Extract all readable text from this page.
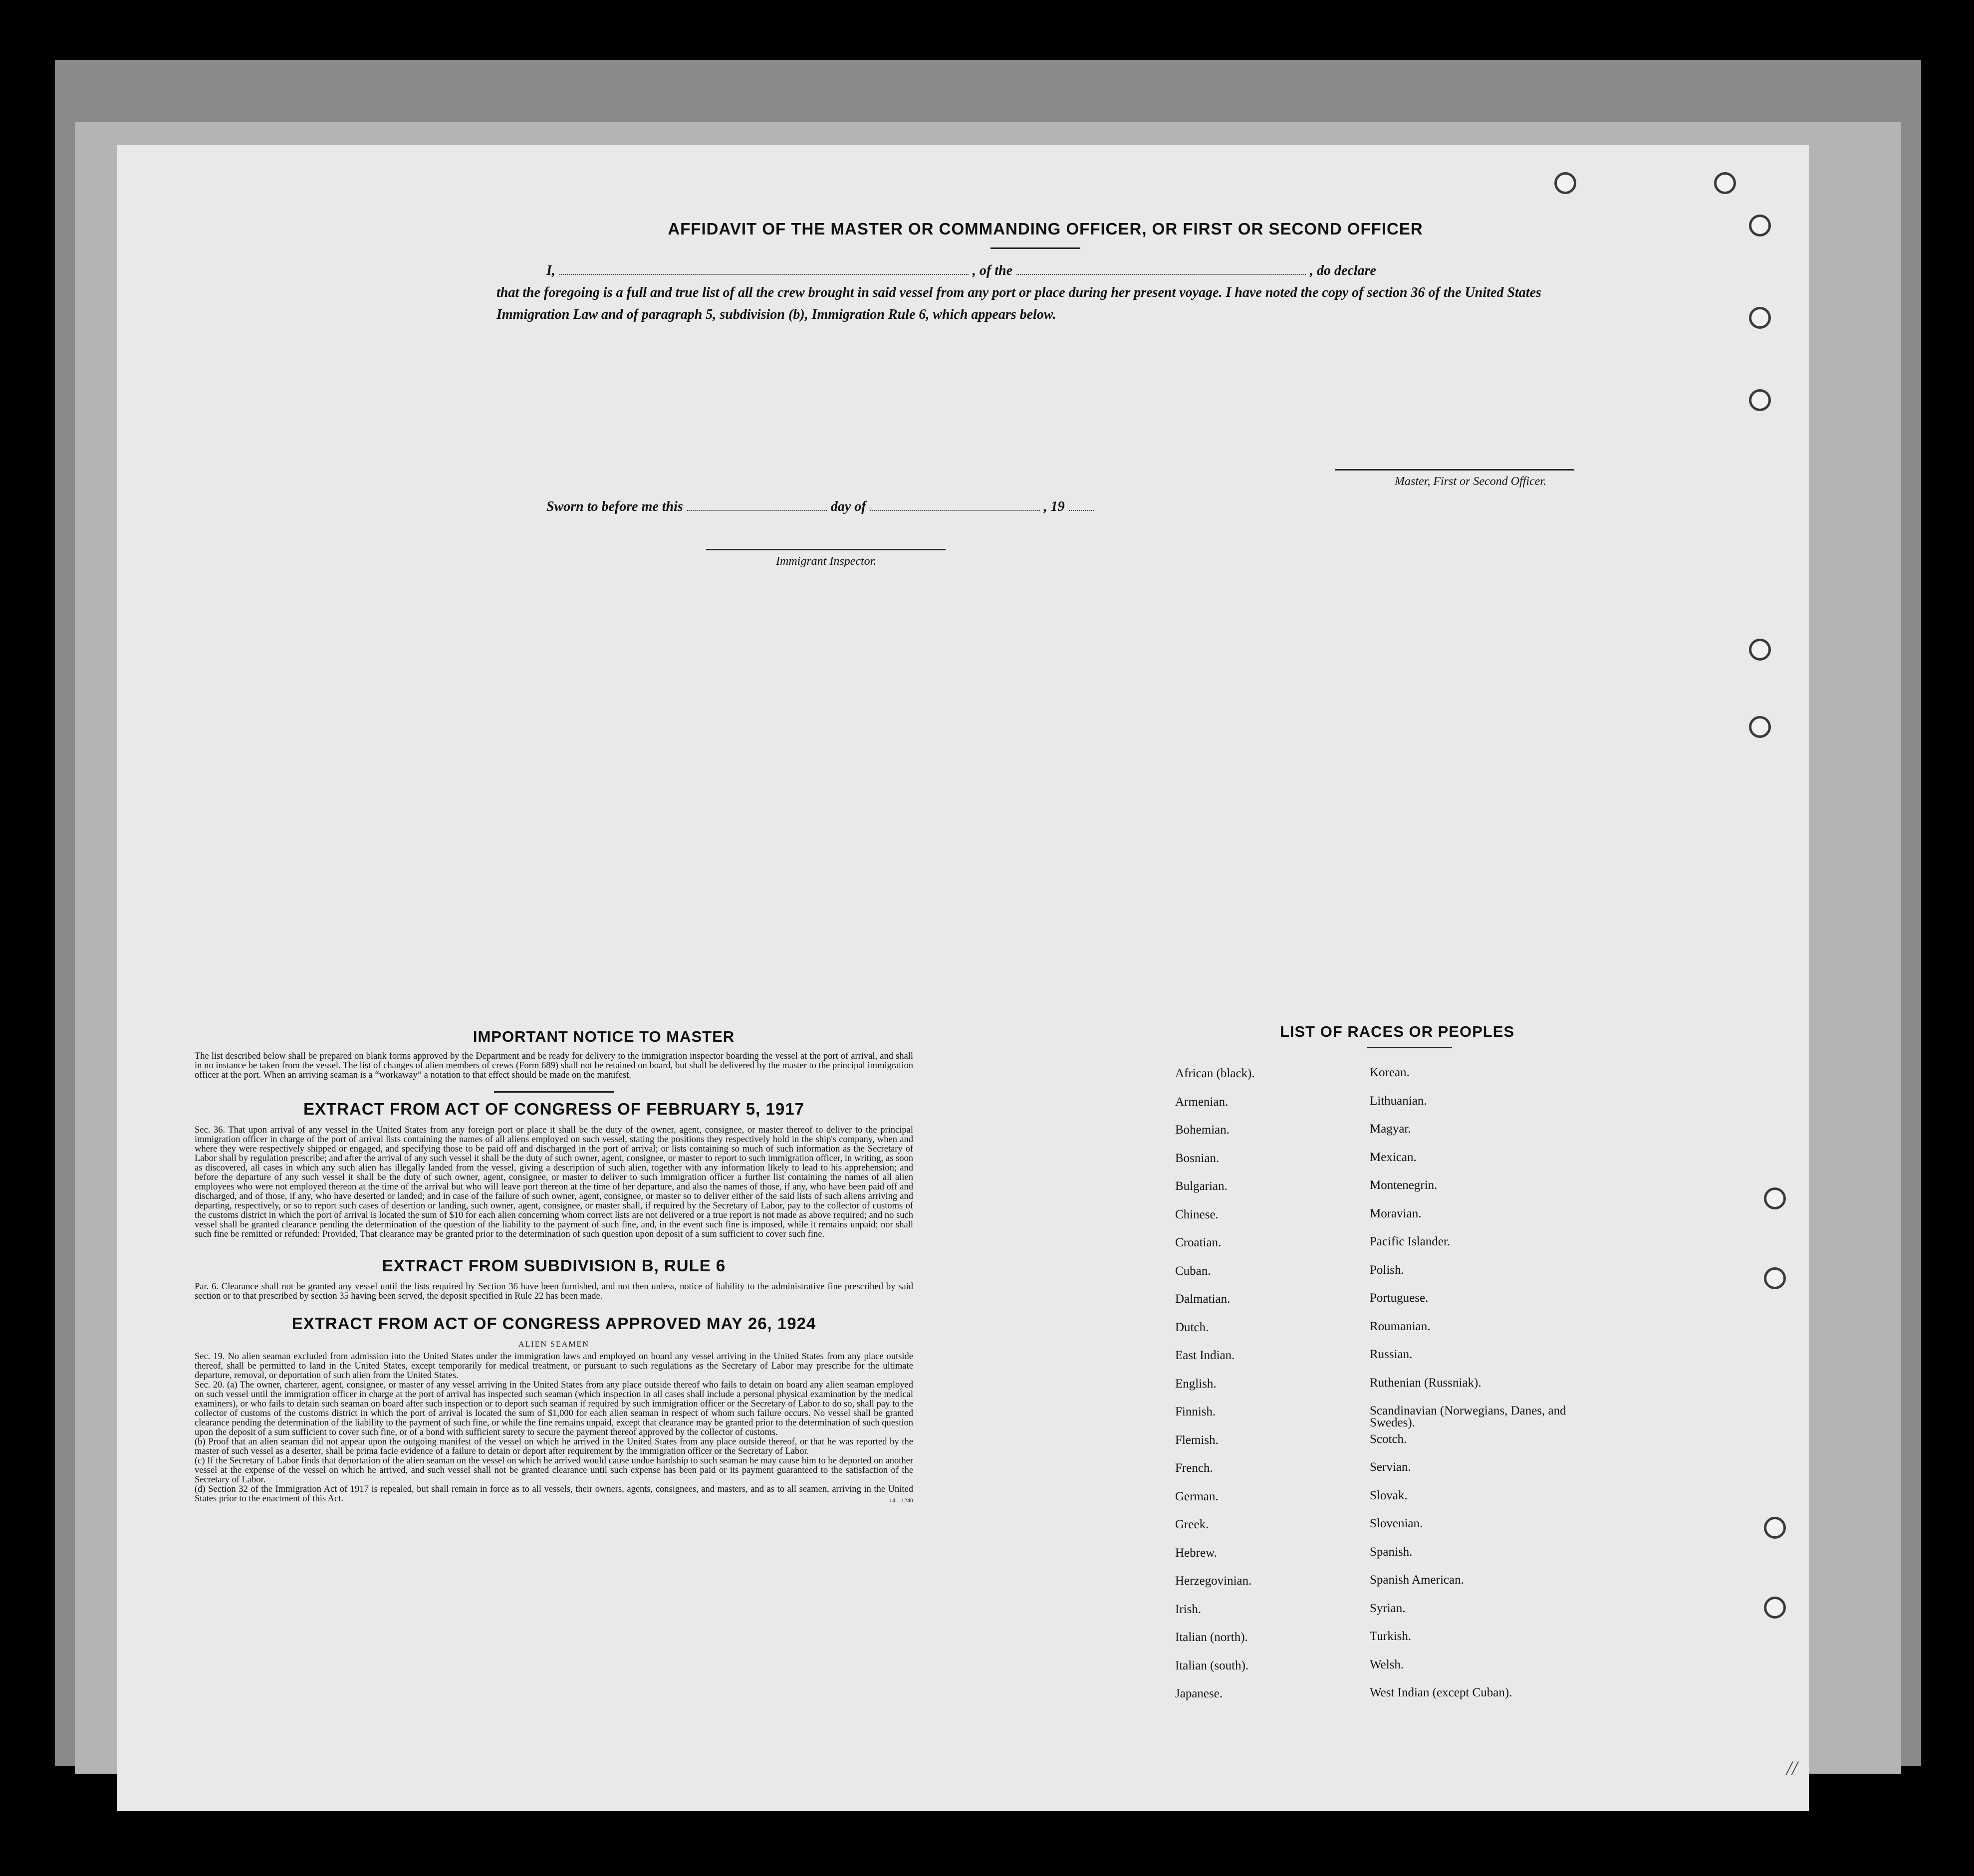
AFFIDAVIT OF THE MASTER OR COMMANDING OFFICER, OR FIRST OR SECOND OFFICER
I,	, of the	, do declare
that the foregoing is a full and true list of all the crew brought in said vessel from any port or place during her present voyage. I have noted the copy of section 36 of the United States Immigration Law and of paragraph 5, subdivision (b), Immigration Rule 6, which appears below.
Master, First or Second Officer.
Sworn to before me this	day of	, 19
Immigrant Inspector.
IMPORTANT NOTICE TO MASTER
The list described below shall be prepared on blank forms approved by the Department and be ready for delivery to the immigration inspector boarding the vessel at the port of arrival, and shall in no instance be taken from the vessel. The list of changes of alien members of crews (Form 689) shall not be retained on board, but shall be delivered by the master to the principal immigration officer at the port. When an arriving seaman is a “workaway” a notation to that effect should be made on the manifest.
EXTRACT FROM ACT OF CONGRESS OF FEBRUARY 5, 1917
Sec. 36. That upon arrival of any vessel in the United States from any foreign port or place it shall be the duty of the owner, agent, consignee, or master thereof to deliver to the principal immigration officer in charge of the port of arrival lists containing the names of all aliens employed on such vessel, stating the positions they respectively hold in the ship's company, when and where they were respectively shipped or engaged, and specifying those to be paid off and discharged in the port of arrival; or lists containing so much of such information as the Secretary of Labor shall by regulation prescribe; and after the arrival of any such vessel it shall be the duty of such owner, agent, consignee, or master to report to such immigration officer, in writing, as soon as discovered, all cases in which any such alien has illegally landed from the vessel, giving a description of such alien, together with any information likely to lead to his apprehension; and before the departure of any such vessel it shall be the duty of such owner, agent, consignee, or master to deliver to such immigration officer a further list containing the names of all alien employees who were not employed thereon at the time of the arrival but who will leave port thereon at the time of her departure, and also the names of those, if any, who have been paid off and discharged, and of those, if any, who have deserted or landed; and in case of the failure of such owner, agent, consignee, or master so to deliver either of the said lists of such aliens arriving and departing, respectively, or so to report such cases of desertion or landing, such owner, agent, consignee, or master shall, if required by the Secretary of Labor, pay to the collector of customs of the customs district in which the port of arrival is located the sum of $10 for each alien concerning whom correct lists are not delivered or a true report is not made as above required; and no such vessel shall be granted clearance pending the determination of the question of the liability to the payment of such fine, and, in the event such fine is imposed, while it remains unpaid; nor shall such fine be remitted or refunded: Provided, That clearance may be granted prior to the determination of such question upon deposit of a sum sufficient to cover such fine.
EXTRACT FROM SUBDIVISION B, RULE 6
Par. 6. Clearance shall not be granted any vessel until the lists required by Section 36 have been furnished, and not then unless, notice of liability to the administrative fine prescribed by said section or to that prescribed by section 35 having been served, the deposit specified in Rule 22 has been made.
EXTRACT FROM ACT OF CONGRESS APPROVED MAY 26, 1924
ALIEN SEAMEN
Sec. 19. No alien seaman excluded from admission into the United States under the immigration laws and employed on board any vessel arriving in the United States from any place outside thereof, shall be permitted to land in the United States, except temporarily for medical treatment, or pursuant to such regulations as the Secretary of Labor may prescribe for the ultimate departure, removal, or deportation of such alien from the United States.
Sec. 20. (a) The owner, charterer, agent, consignee, or master of any vessel arriving in the United States from any place outside thereof who fails to detain on board any alien seaman employed on such vessel until the immigration officer in charge at the port of arrival has inspected such seaman (which inspection in all cases shall include a personal physical examination by the medical examiners), or who fails to detain such seaman on board after such inspection or to deport such seaman if required by such immigration officer or the Secretary of Labor to do so, shall pay to the collector of customs of the customs district in which the port of arrival is located the sum of $1,000 for each alien seaman in respect of whom such failure occurs. No vessel shall be granted clearance pending the determination of the liability to the payment of such fine, or while the fine remains unpaid, except that clearance may be granted prior to the determination of such question upon the deposit of a sum sufficient to cover such fine, or of a bond with sufficient surety to secure the payment thereof approved by the collector of customs.
(b) Proof that an alien seaman did not appear upon the outgoing manifest of the vessel on which he arrived in the United States from any place outside thereof, or that he was reported by the master of such vessel as a deserter, shall be prima facie evidence of a failure to detain or deport after requirement by the immigration officer or the Secretary of Labor.
(c) If the Secretary of Labor finds that deportation of the alien seaman on the vessel on which he arrived would cause undue hardship to such seaman he may cause him to be deported on another vessel at the expense of the vessel on which he arrived, and such vessel shall not be granted clearance until such expense has been paid or its payment guaranteed to the satisfaction of the Secretary of Labor.
(d) Section 32 of the Immigration Act of 1917 is repealed, but shall remain in force as to all vessels, their owners, agents, consignees, and masters, and as to all seamen, arriving in the United States prior to the enactment of this Act.	14—1240
LIST OF RACES OR PEOPLES
African (black).	Korean.
Armenian.	Lithuanian.
Bohemian.	Magyar.
Bosnian.	Mexican.
Bulgarian.	Montenegrin.
Chinese.	Moravian.
Croatian.	Pacific Islander.
Cuban.	Polish.
Dalmatian.	Portuguese.
Dutch.	Roumanian.
East Indian.	Russian.
English.	Ruthenian (Russniak).
Finnish.	Scandinavian (Norwegians, Danes, and Swedes).
Flemish.	Scotch.
French.	Servian.
German.	Slovak.
Greek.	Slovenian.
Hebrew.	Spanish.
Herzegovinian.	Spanish American.
Irish.	Syrian.
Italian (north).	Turkish.
Italian (south).	Welsh.
Japanese.	West Indian (except Cuban).
//
